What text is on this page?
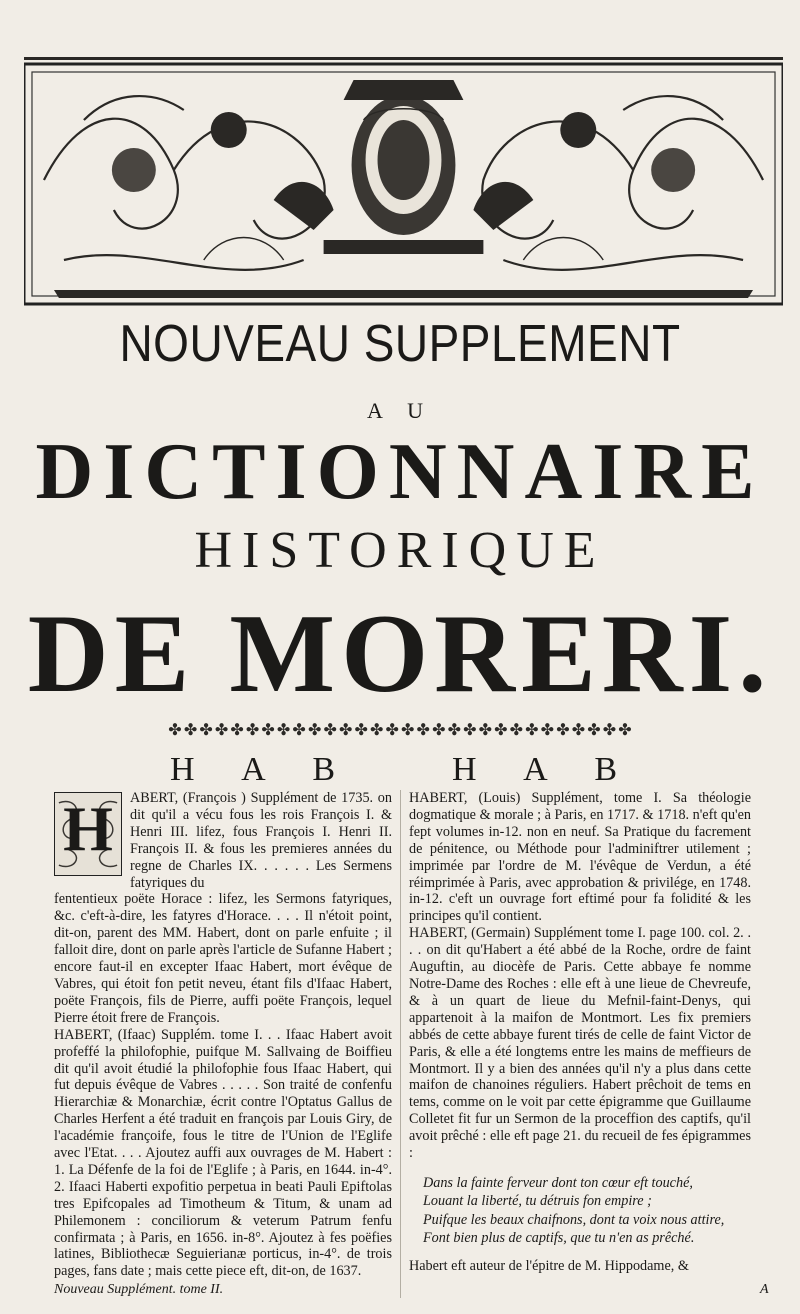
NOUVEAU SUPPLEMENT
A U
DICTIONNAIRE
HISTORIQUE
DE MORERI.
✤ ✤ ✤ ✤ ✤ ✤ ✤ ✤ ✤ ✤ ✤ ✤ ✤ ✤ ✤ ✤ ✤ ✤ ✤ ✤ ✤ ✤ ✤ ✤ ✤ ✤ ✤ ✤ ✤ ✤
H A B	H A B
H	ABERT, (François ) Supplément de 1735. on dit qu'il a vécu fous les rois François I. & Henri III. lifez, fous François I. Henri II. François II. & fous les premieres années du regne de Charles IX. . . . . . Les Sermens fatyriques du

fententieux poëte Horace : lifez, les Sermons fatyriques, &c. c'eft-à-dire, les fatyres d'Horace. . . . Il n'étoit point, dit-on, parent des MM. Habert, dont on parle enfuite ; il falloit dire, dont on parle après l'article de Sufanne Habert ; encore faut-il en excepter Ifaac Habert, mort évêque de Vabres, qui étoit fon petit neveu, étant fils d'Ifaac Habert, poëte François, fils de Pierre, auffi poëte François, lequel Pierre étoit frere de François.

HABERT, (Ifaac) Supplém. tome I. . . Ifaac Habert avoit profeffé la philofophie, puifque M. Sallvaing de Boiffieu dit qu'il avoit étudié la philofophie fous Ifaac Habert, qui fut depuis évêque de Vabres . . . . . Son traité de confenfu Hierarchiæ & Monarchiæ, écrit contre l'Optatus Gallus de Charles Herfent a été traduit en françois par Louis Giry, de l'académie françoife, fous le titre de l'Union de l'Eglife avec l'Etat. . . . Ajoutez auffi aux ouvrages de M. Habert : 1. La Défenfe de la foi de l'Eglife ; à Paris, en 1644. in-4°. 2. Ifaaci Haberti expofitio perpetua in beati Pauli Epiftolas tres Epifcopales ad Timotheum & Titum, & unam ad Philemonem : conciliorum & veterum Patrum fenfu confirmata ; à Paris, en 1656. in-8°. Ajoutez à fes poëfies latines, Bibliothecæ Seguierianæ porticus, in-4°. de trois pages, fans date ; mais cette piece eft, dit-on, de 1637.

HABERT, (Louis) Supplément, tome I. Sa théologie dogmatique & morale ; à Paris, en 1717. & 1718. n'eft qu'en fept volumes in-12. non en neuf. Sa Pratique du facrement de pénitence, ou Méthode pour l'adminiftrer utilement ; imprimée par l'ordre de M. l'évêque de Verdun, a été réimprimée à Paris, avec approbation & privilége, en 1748. in-12. c'eft un ouvrage fort eftimé pour fa folidité & les principes qu'il contient.

HABERT, (Germain) Supplément tome I. page 100. col. 2. . . . on dit qu'Habert a été abbé de la Roche, ordre de faint Auguftin, au diocèfe de Paris. Cette abbaye fe nomme Notre-Dame des Roches : elle eft à une lieue de Chevreufe, & à un quart de lieue du Mefnil-faint-Denys, qui appartenoit à la maifon de Montmort. Les fix premiers abbés de cette abbaye furent tirés de celle de faint Victor de Paris, & elle a été longtems entre les mains de meffieurs de Montmort. Il y a bien des années qu'il n'y a plus dans cette maifon de chanoines réguliers. Habert prêchoit de tems en tems, comme on le voit par cette épigramme que Guillaume Colletet fit fur un Sermon de la proceffion des captifs, qu'il avoit prêché : elle eft page 21. du recueil de fes épigrammes :

Dans la fainte ferveur dont ton cœur eft touché,
Louant la liberté, tu détruis fon empire ;
Puifque les beaux chaifnons, dont ta voix nous attire,
Font bien plus de captifs, que tu n'en as prêché.

Habert eft auteur de l'épitre de M. Hippodame, &

Nouveau Supplément. tome II.	A
